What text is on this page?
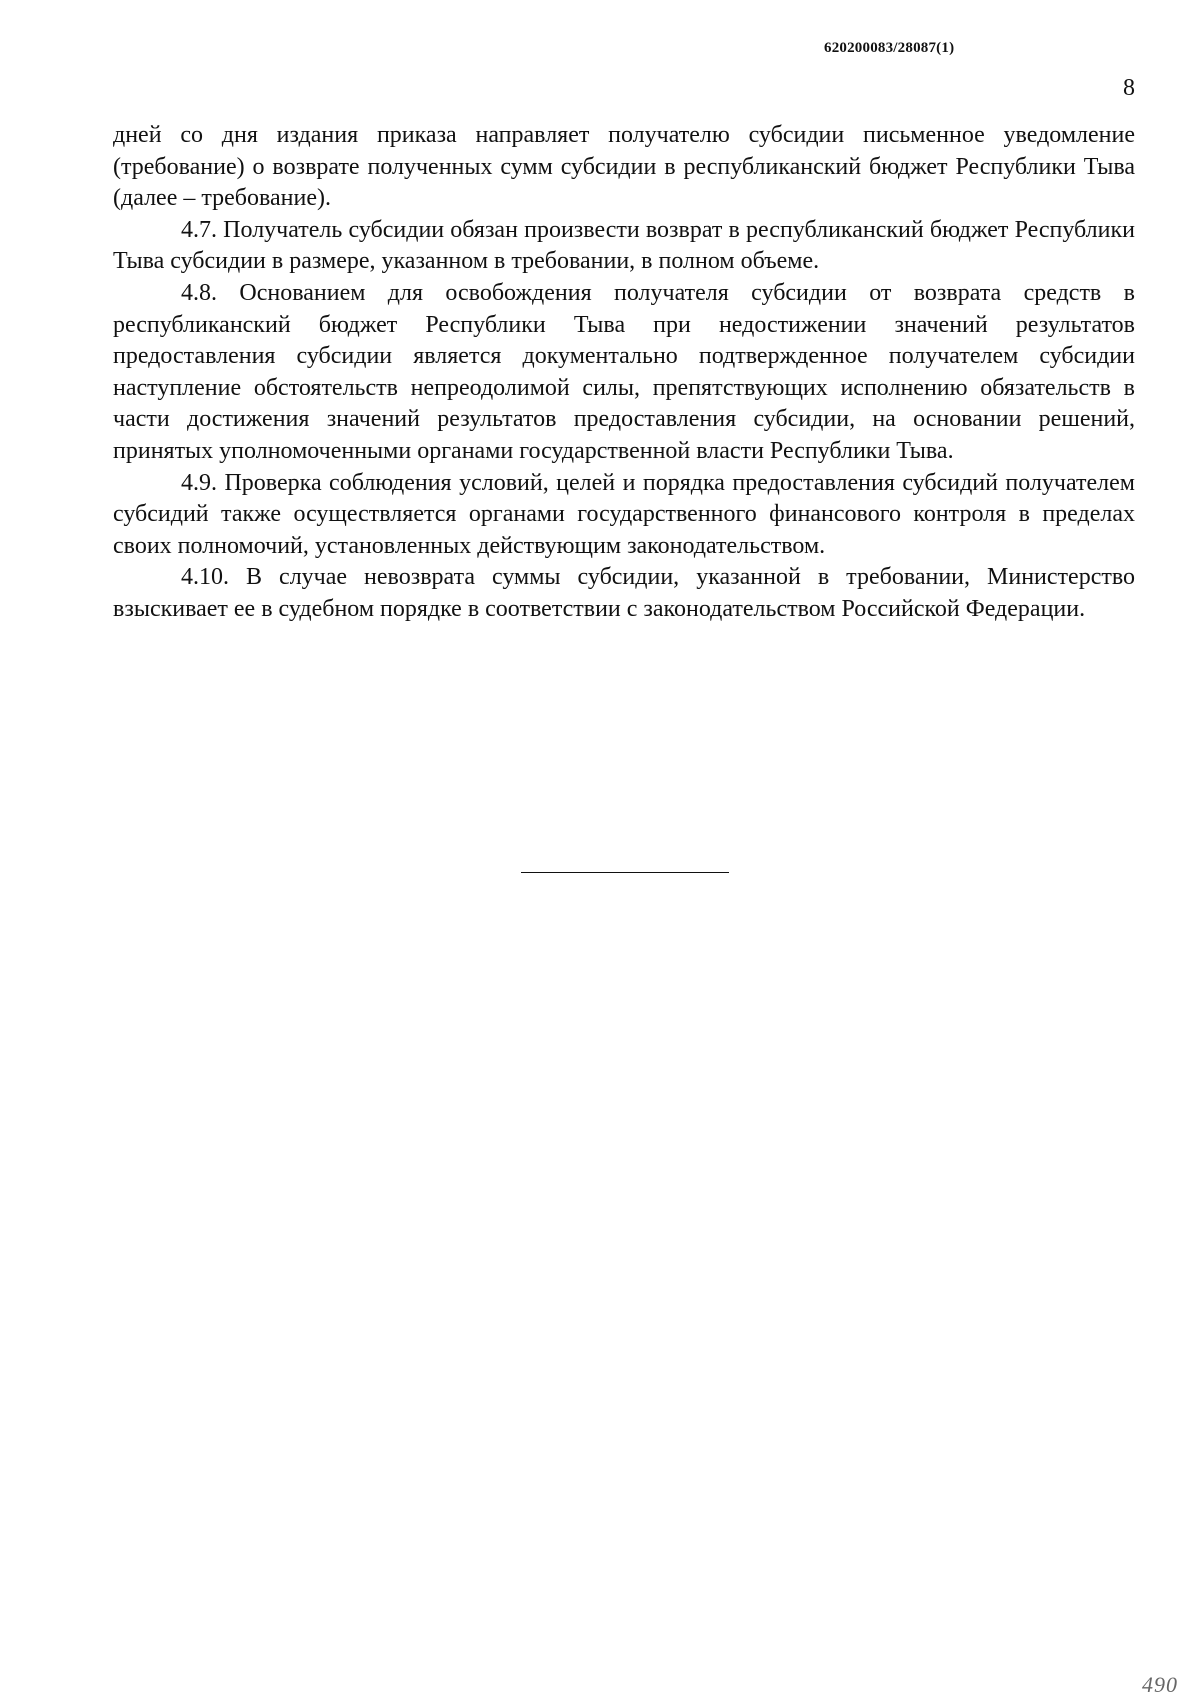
620200083/28087(1)
8

дней со дня издания приказа направляет получателю субсидии письменное уведомление (требование) о возврате полученных сумм субсидии в республиканский бюджет Республики Тыва (далее – требование).

4.7. Получатель субсидии обязан произвести возврат в республиканский бюджет Республики Тыва субсидии в размере, указанном в требовании, в полном объеме.

4.8. Основанием для освобождения получателя субсидии от возврата средств в республиканский бюджет Республики Тыва при недостижении значений результатов предоставления субсидии является документально подтвержденное получателем субсидии наступление обстоятельств непреодолимой силы, препятствующих исполнению обязательств в части достижения значений результатов предоставления субсидии, на основании решений, принятых уполномоченными органами государственной власти Республики Тыва.

4.9. Проверка соблюдения условий, целей и порядка предоставления субсидий получателем субсидий также осуществляется органами государственного финансового контроля в пределах своих полномочий, установленных действующим законодательством.

4.10. В случае невозврата суммы субсидии, указанной в требовании, Министерство взыскивает ее в судебном порядке в соответствии с законодательством Российской Федерации.

490
